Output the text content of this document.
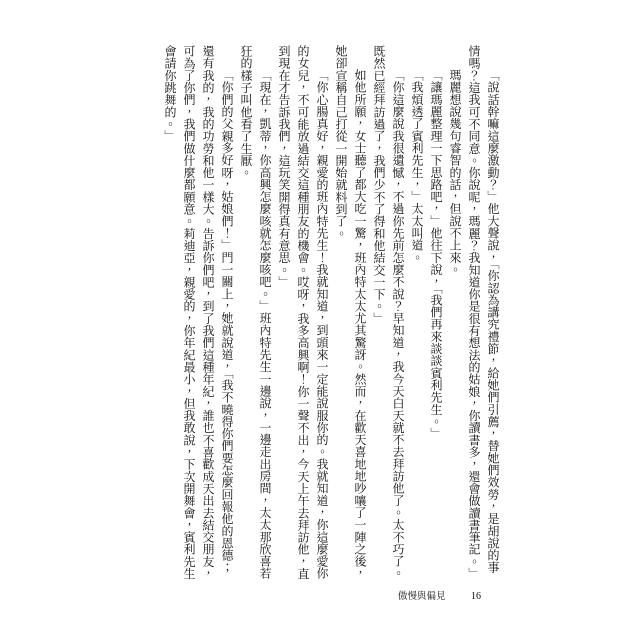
「說話幹嘛這麼激動？」他大聲說，「你認為講究禮節，給她們引薦，替她們效勞，是胡說的事
情嗎？這我可不同意。你說呢，瑪麗？我知道你是很有想法的姑娘，你讀書多，還會做讀書筆記。」
瑪麗想說幾句睿智的話，但說不上來。
「讓瑪麗整理一下思路吧，」他往下說，「我們再來談談賓利先生。」
「我煩透了賓利先生，」太太叫道。
「你這麼說我很遺憾，不過你先前怎麼不說？早知道，我今天白天就不去拜訪他了。太不巧了。
既然已經拜訪過了，我們少不了得和他結交一下。」
如他所願，女士聽了都大吃一驚，班內特太太尤其驚訝。然而，在歡天喜地地吵嚷了一陣之後，
她卻宣稱自己打從一開始就料到了。
「你心腸真好，親愛的班內特先生！我就知道，到頭來一定能說服你的。我就知道，你這麼愛你
的女兒，不可能放過結交這種朋友的機會。哎呀，我多高興啊！你一聲不出，今天上午去拜訪他，直
到現在才告訴我們，這玩笑開得真有意思。」
「現在，凱蒂，你高興怎麼咳就怎麼咳吧。」班內特先生一邊說，一邊走出房間，太太那欣喜若
狂的樣子叫他看了生厭。
「你們的父親多好呀，姑娘們！」門一關上，她就說道，「我不曉得你們要怎麼回報他的恩德；
還有我的，我的功勞和他一樣大。告訴你們吧，到了我們這種年紀，誰也不喜歡成天出去結交朋友，
可為了你們，我們做什麼都願意。莉迪亞，親愛的，你年紀最小，但我敢說，下次開舞會，賓利先生
會請你跳舞的。」
傲慢與偏見	16
